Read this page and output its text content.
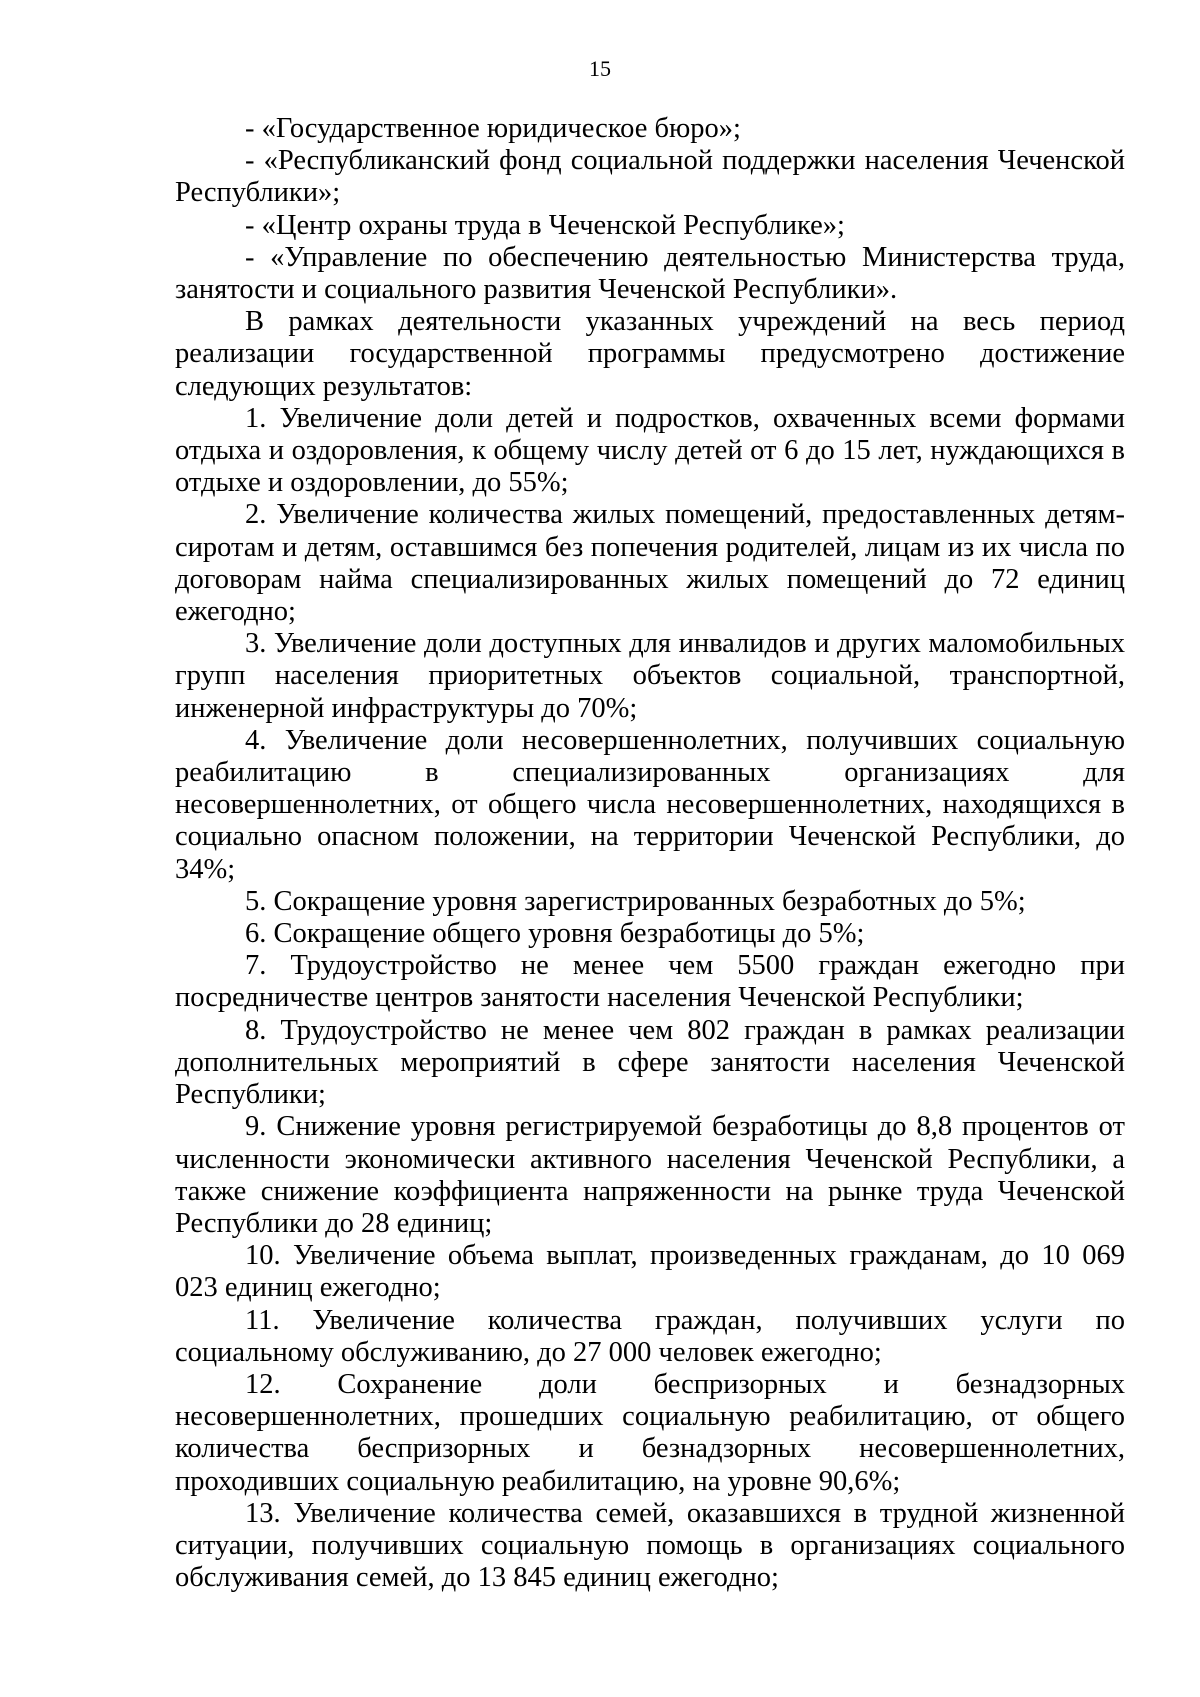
15

- «Государственное юридическое бюро»;

- «Республиканский фонд социальной поддержки населения Чеченской Республики»;

- «Центр охраны труда в Чеченской Республике»;

- «Управление по обеспечению деятельностью Министерства труда, занятости и социального развития Чеченской Республики».

В рамках деятельности указанных учреждений на весь период реализации государственной программы предусмотрено достижение следующих результатов:

1. Увеличение доли детей и подростков, охваченных всеми формами отдыха и оздоровления, к общему числу детей от 6 до 15 лет, нуждающихся в отдыхе и оздоровлении, до 55%;

2. Увеличение количества жилых помещений, предоставленных детям-сиротам и детям, оставшимся без попечения родителей, лицам из их числа по договорам найма специализированных жилых помещений до 72 единиц ежегодно;

3. Увеличение доли доступных для инвалидов и других маломобильных групп населения приоритетных объектов социальной, транспортной, инженерной инфраструктуры до 70%;

4. Увеличение доли несовершеннолетних, получивших социальную реабилитацию в специализированных организациях для несовершеннолетних, от общего числа несовершеннолетних, находящихся в социально опасном положении, на территории Чеченской Республики, до 34%;

5. Сокращение уровня зарегистрированных безработных до 5%;

6. Сокращение общего уровня безработицы до 5%;

7. Трудоустройство не менее чем 5500 граждан ежегодно при посредничестве центров занятости населения Чеченской Республики;

8. Трудоустройство не менее чем 802 граждан в рамках реализации дополнительных мероприятий в сфере занятости населения Чеченской Республики;

9. Снижение уровня регистрируемой безработицы до 8,8 процентов от численности экономически активного населения Чеченской Республики, а также снижение коэффициента напряженности на рынке труда Чеченской Республики до 28 единиц;

10. Увеличение объема выплат, произведенных гражданам, до 10 069 023 единиц ежегодно;

11. Увеличение количества граждан, получивших услуги по социальному обслуживанию, до 27 000 человек ежегодно;

12. Сохранение доли беспризорных и безнадзорных несовершеннолетних, прошедших социальную реабилитацию, от общего количества беспризорных и безнадзорных несовершеннолетних, проходивших социальную реабилитацию, на уровне 90,6%;

13. Увеличение количества семей, оказавшихся в трудной жизненной ситуации, получивших социальную помощь в организациях социального обслуживания семей, до 13 845 единиц ежегодно;
